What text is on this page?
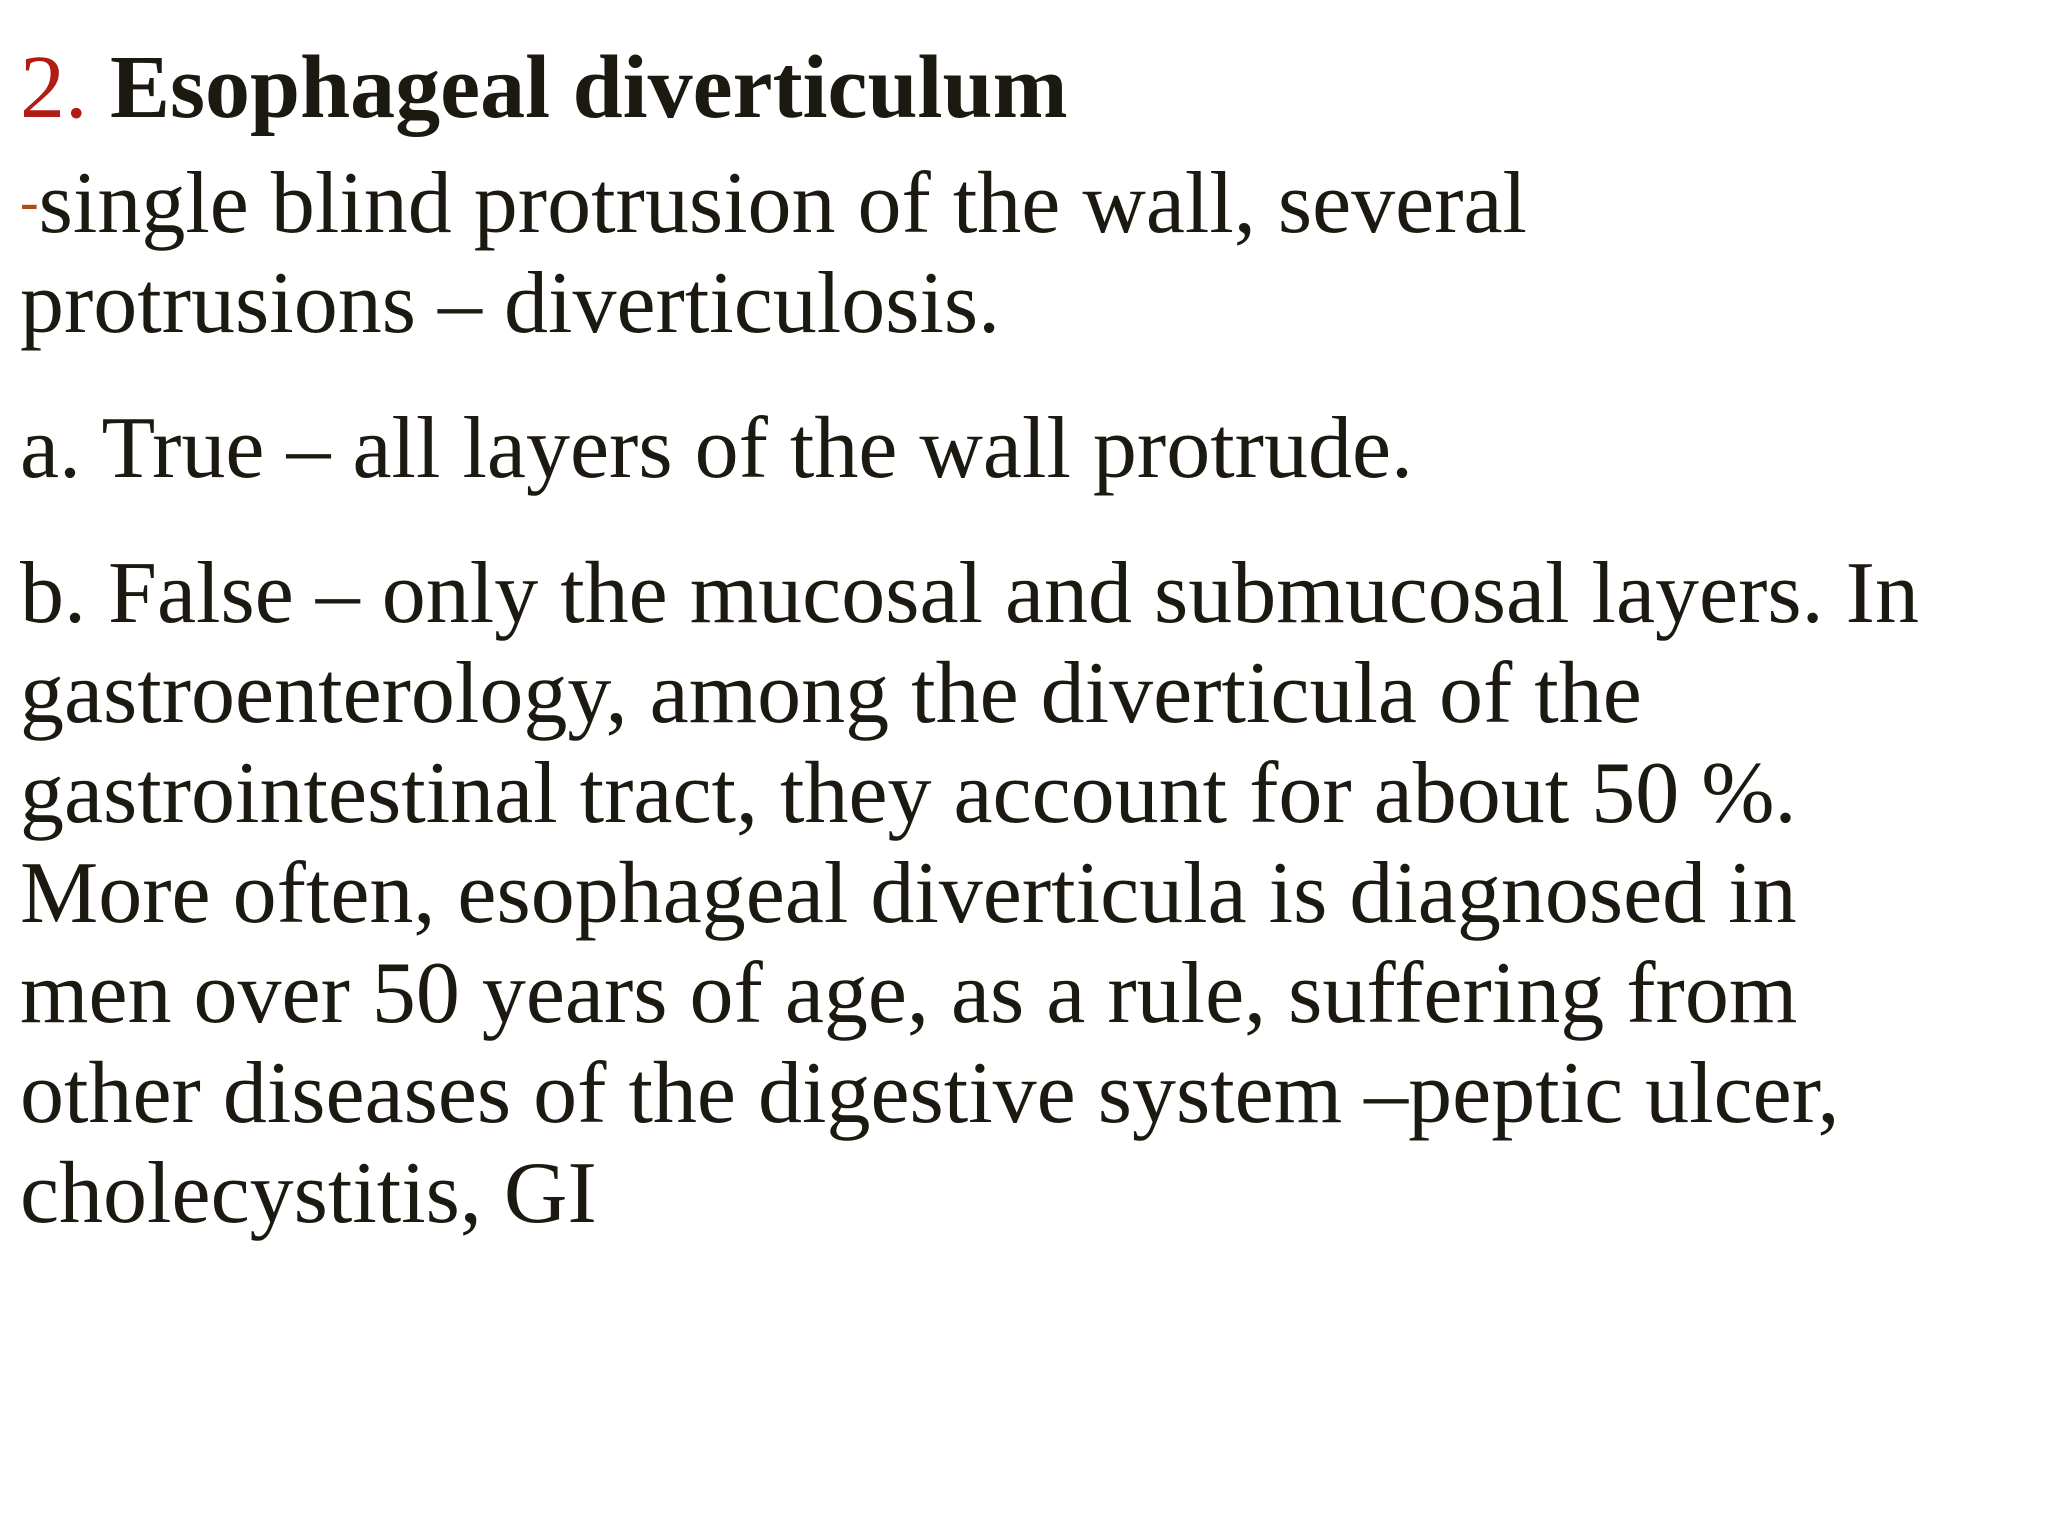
2. Esophageal diverticulum

-single blind protrusion of the wall, several

protrusions – diverticulosis.

a. True – all layers of the wall protrude.

b. False – only the mucosal and submucosal layers. In

gastroenterology, among the diverticula of the

gastrointestinal tract, they account for about 50 %.

More often, esophageal diverticula is diagnosed in

men over 50 years of age, as a rule, suffering from

other diseases of the digestive system –peptic ulcer,

cholecystitis, GI
